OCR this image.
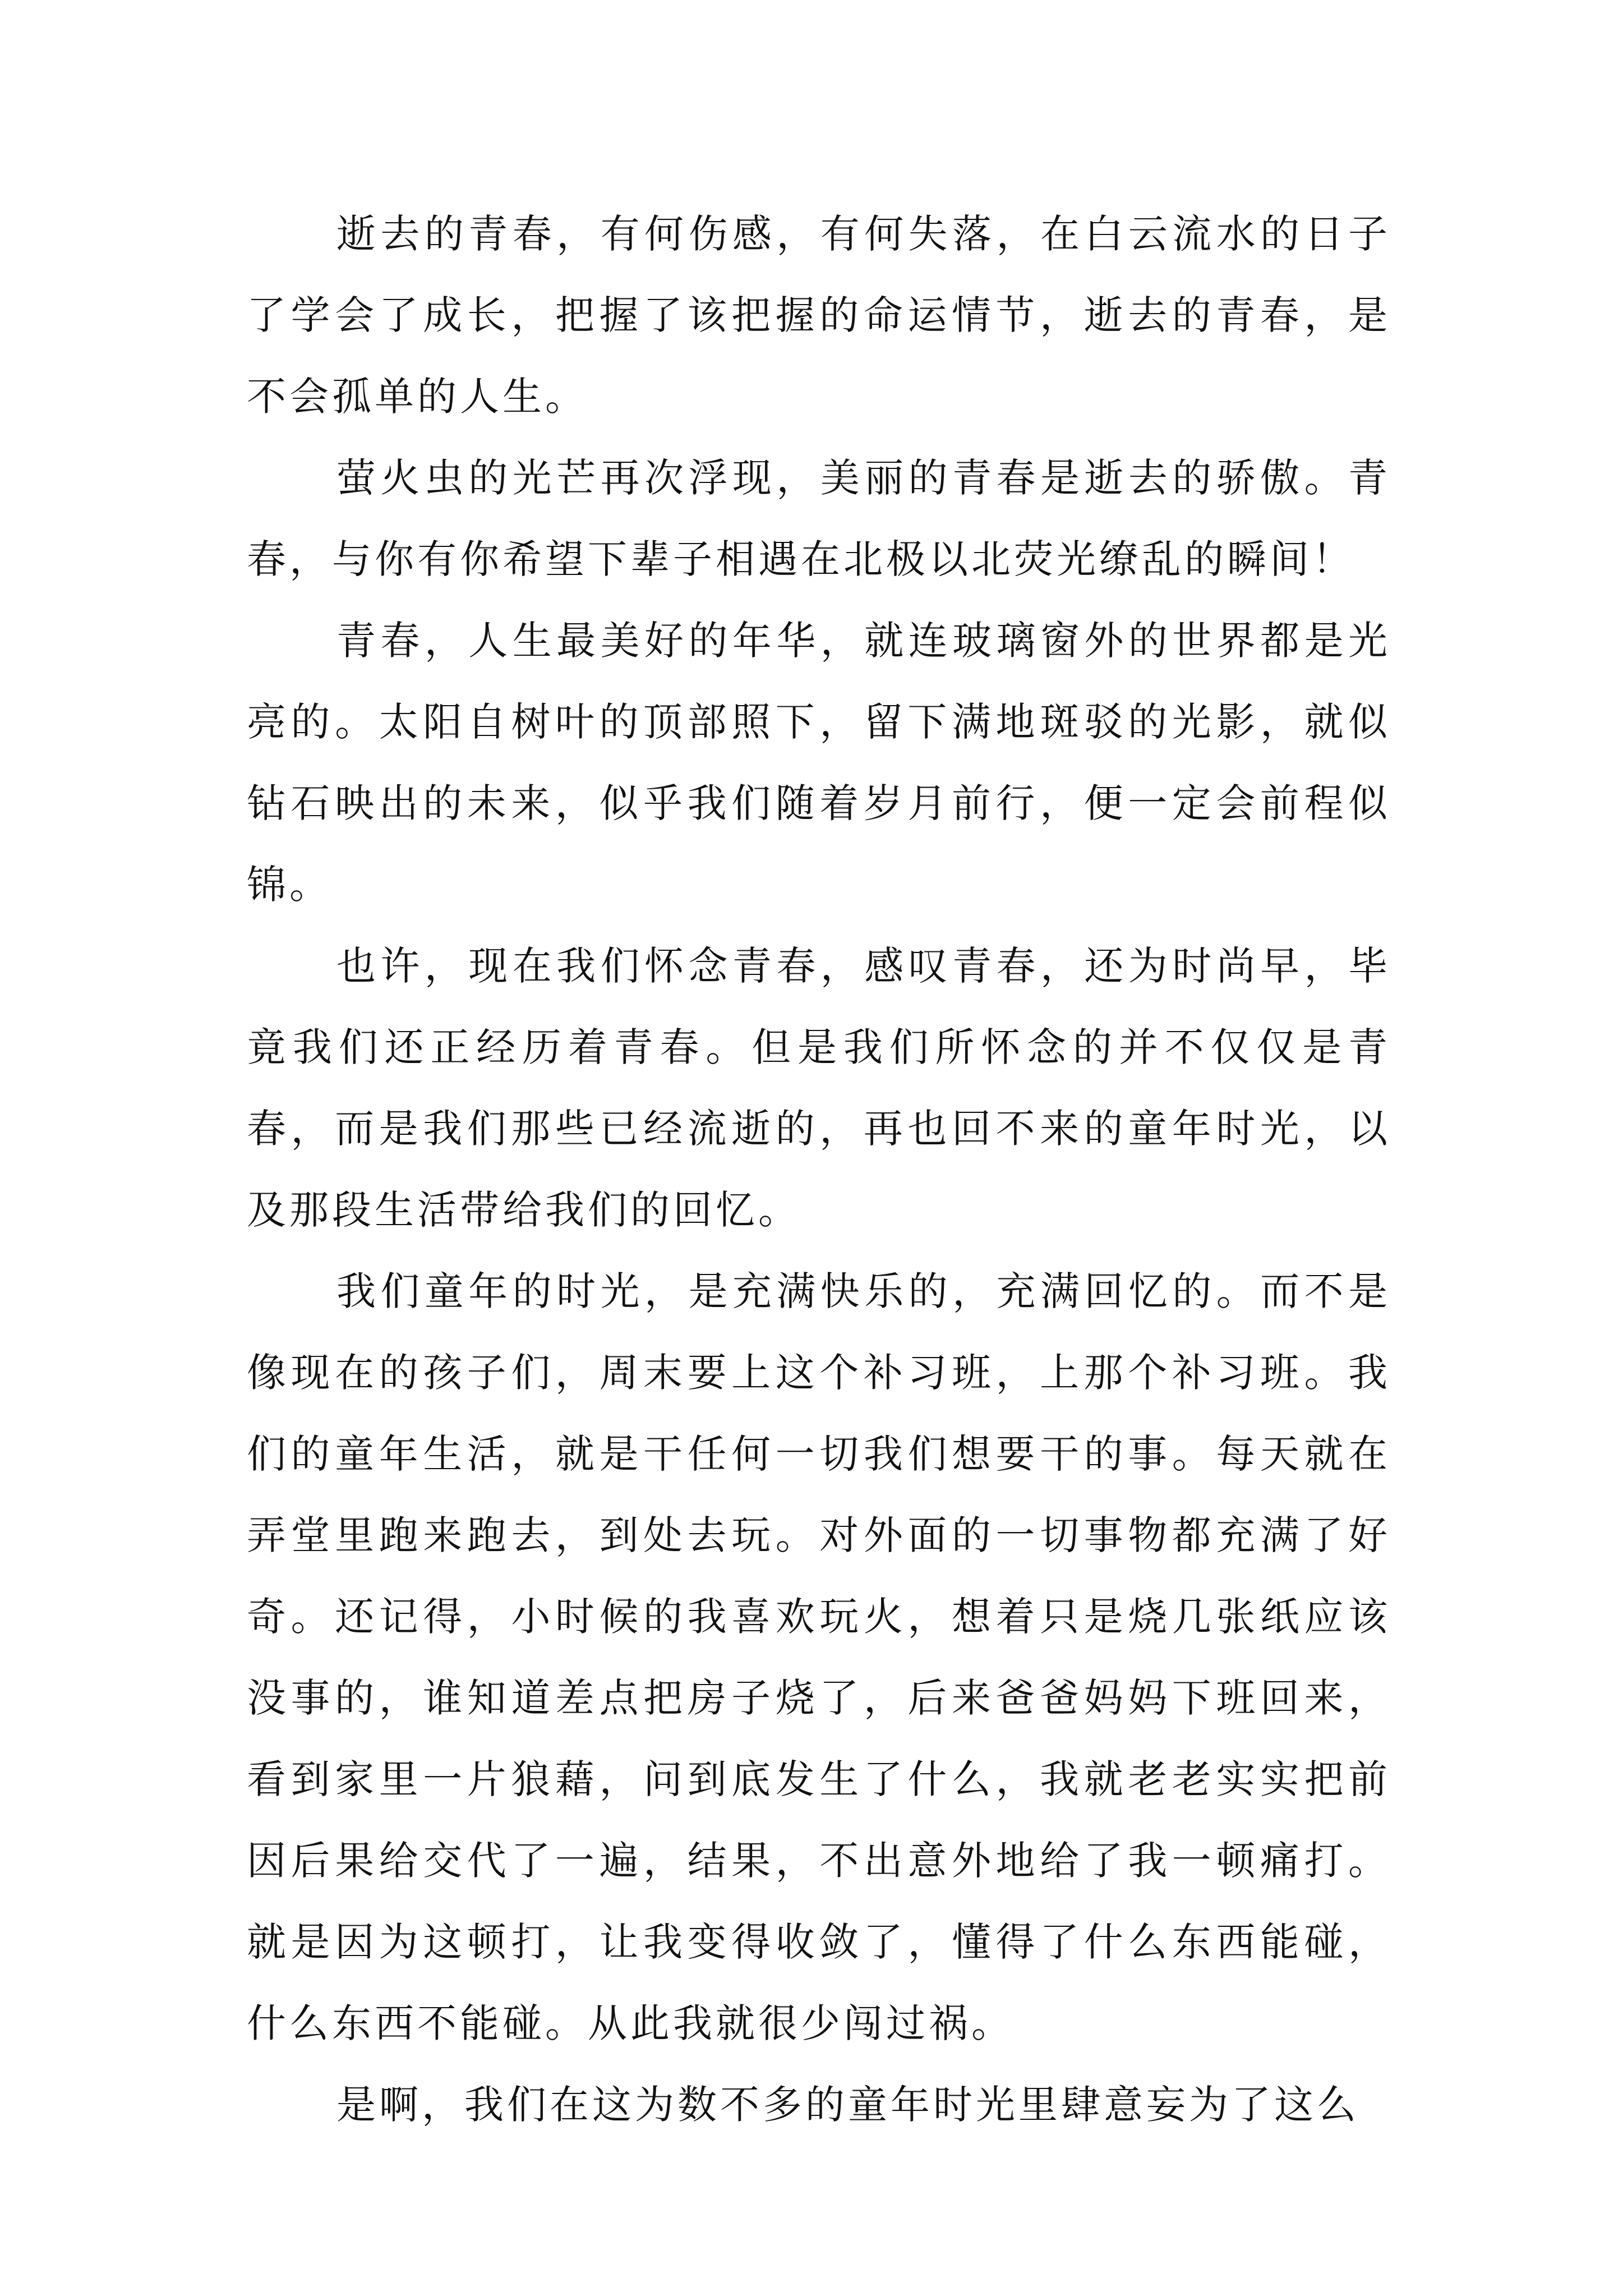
逝去的青春，有何伤感，有何失落，在白云流水的日子了学会了成长，把握了该把握的命运情节，逝去的青春，是不会孤单的人生。

萤火虫的光芒再次浮现，美丽的青春是逝去的骄傲。青春，与你有你希望下辈子相遇在北极以北荧光缭乱的瞬间！

青春，人生最美好的年华，就连玻璃窗外的世界都是光亮的。太阳自树叶的顶部照下，留下满地斑驳的光影，就似钻石映出的未来，似乎我们随着岁月前行，便一定会前程似锦。

也许，现在我们怀念青春，感叹青春，还为时尚早，毕竟我们还正经历着青春。但是我们所怀念的并不仅仅是青春，而是我们那些已经流逝的，再也回不来的童年时光，以及那段生活带给我们的回忆。

我们童年的时光，是充满快乐的，充满回忆的。而不是像现在的孩子们，周末要上这个补习班，上那个补习班。我们的童年生活，就是干任何一切我们想要干的事。每天就在弄堂里跑来跑去，到处去玩。对外面的一切事物都充满了好奇。还记得，小时候的我喜欢玩火，想着只是烧几张纸应该没事的，谁知道差点把房子烧了，后来爸爸妈妈下班回来，看到家里一片狼藉，问到底发生了什么，我就老老实实把前因后果给交代了一遍，结果，不出意外地给了我一顿痛打。就是因为这顿打，让我变得收敛了，懂得了什么东西能碰，什么东西不能碰。从此我就很少闯过祸。

是啊，我们在这为数不多的童年时光里肆意妄为了这么
